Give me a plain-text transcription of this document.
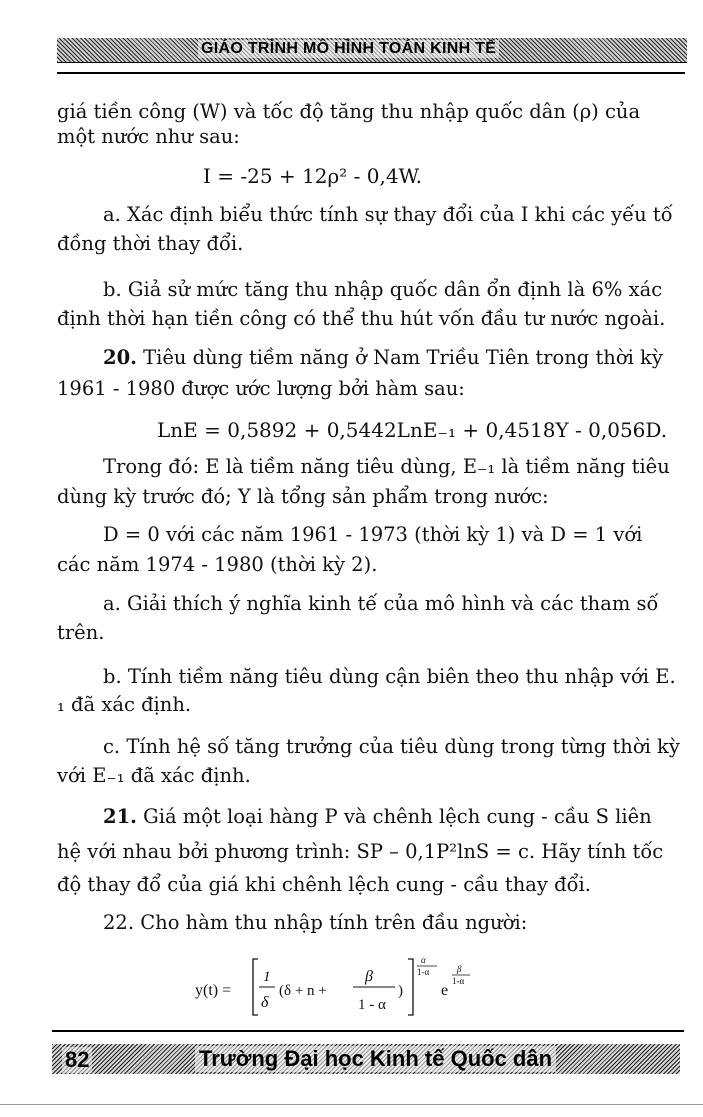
GIÁO TRÌNH MÔ HÌNH TOÁN KINH TẾ
giá tiền công (W) và tốc độ tăng thu nhập quốc dân (ρ) của
một nước như sau:
I = -25 + 12ρ² - 0,4W.
a. Xác định biểu thức tính sự thay đổi của I khi các yếu tố
đồng thời thay đổi.
b. Giả sử mức tăng thu nhập quốc dân ổn định là 6% xác
định thời hạn tiền công có thể thu hút vốn đầu tư nước ngoài.
20. Tiêu dùng tiềm năng ở Nam Triều Tiên trong thời kỳ
1961 - 1980 được ước lượng bởi hàm sau:
LnE = 0,5892 + 0,5442LnE₋₁ + 0,4518Y - 0,056D.
Trong đó: E là tiềm năng tiêu dùng, E₋₁ là tiềm năng tiêu
dùng kỳ trước đó; Y là tổng sản phẩm trong nước:
D = 0 với các năm 1961 - 1973 (thời kỳ 1) và D = 1 với
các năm 1974 - 1980 (thời kỳ 2).
a. Giải thích ý nghĩa kinh tế của mô hình và các tham số
trên.
b. Tính tiềm năng tiêu dùng cận biên theo thu nhập với E.
₁ đã xác định.
c. Tính hệ số tăng trưởng của tiêu dùng trong từng thời kỳ
với E₋₁ đã xác định.
21. Giá một loại hàng P và chênh lệch cung - cầu S liên
hệ với nhau bởi phương trình: SP – 0,1P²lnS = c. Hãy tính tốc
độ thay đổ của giá khi chênh lệch cung - cầu thay đổi.
22. Cho hàm thu nhập tính trên đầu người:
y(t) =
1
δ
(δ + n +
β
1 - α
)
α
1-α
e
β
1-α
82	Trường Đại học Kinh tế Quốc dân
